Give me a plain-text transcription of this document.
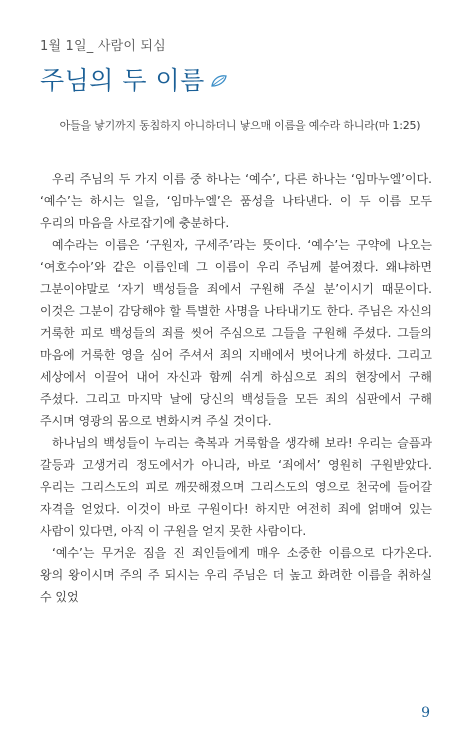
1월 1일_ 사람이 되심
주님의 두 이름
아들을 낳기까지 동침하지 아니하더니 낳으매 이름을 예수라 하니라(마 1:25)

우리 주님의 두 가지 이름 중 하나는 ‘예수’, 다른 하나는 ‘임마누엘’이다. ‘예수’는 하시는 일을, ‘임마누엘’은 품성을 나타낸다. 이 두 이름 모두 우리의 마음을 사로잡기에 충분하다.

예수라는 이름은 ‘구원자, 구세주’라는 뜻이다. ‘예수’는 구약에 나오는 ‘여호수아’와 같은 이름인데 그 이름이 우리 주님께 붙여졌다. 왜냐하면 그분이야말로 ‘자기 백성들을 죄에서 구원해 주실 분’이시기 때문이다. 이것은 그분이 감당해야 할 특별한 사명을 나타내기도 한다. 주님은 자신의 거룩한 피로 백성들의 죄를 씻어 주심으로 그들을 구원해 주셨다. 그들의 마음에 거룩한 영을 심어 주셔서 죄의 지배에서 벗어나게 하셨다. 그리고 세상에서 이끌어 내어 자신과 함께 쉬게 하심으로 죄의 현장에서 구해 주셨다. 그리고 마지막 날에 당신의 백성들을 모든 죄의 심판에서 구해 주시며 영광의 몸으로 변화시켜 주실 것이다.

하나님의 백성들이 누리는 축복과 거룩함을 생각해 보라! 우리는 슬픔과 갈등과 고생거리 정도에서가 아니라, 바로 ‘죄에서’ 영원히 구원받았다. 우리는 그리스도의 피로 깨끗해졌으며 그리스도의 영으로 천국에 들어갈 자격을 얻었다. 이것이 바로 구원이다! 하지만 여전히 죄에 얽매여 있는 사람이 있다면, 아직 이 구원을 얻지 못한 사람이다.

‘예수’는 무거운 짐을 진 죄인들에게 매우 소중한 이름으로 다가온다. 왕의 왕이시며 주의 주 되시는 우리 주님은 더 높고 화려한 이름을 취하실 수 있었

9
